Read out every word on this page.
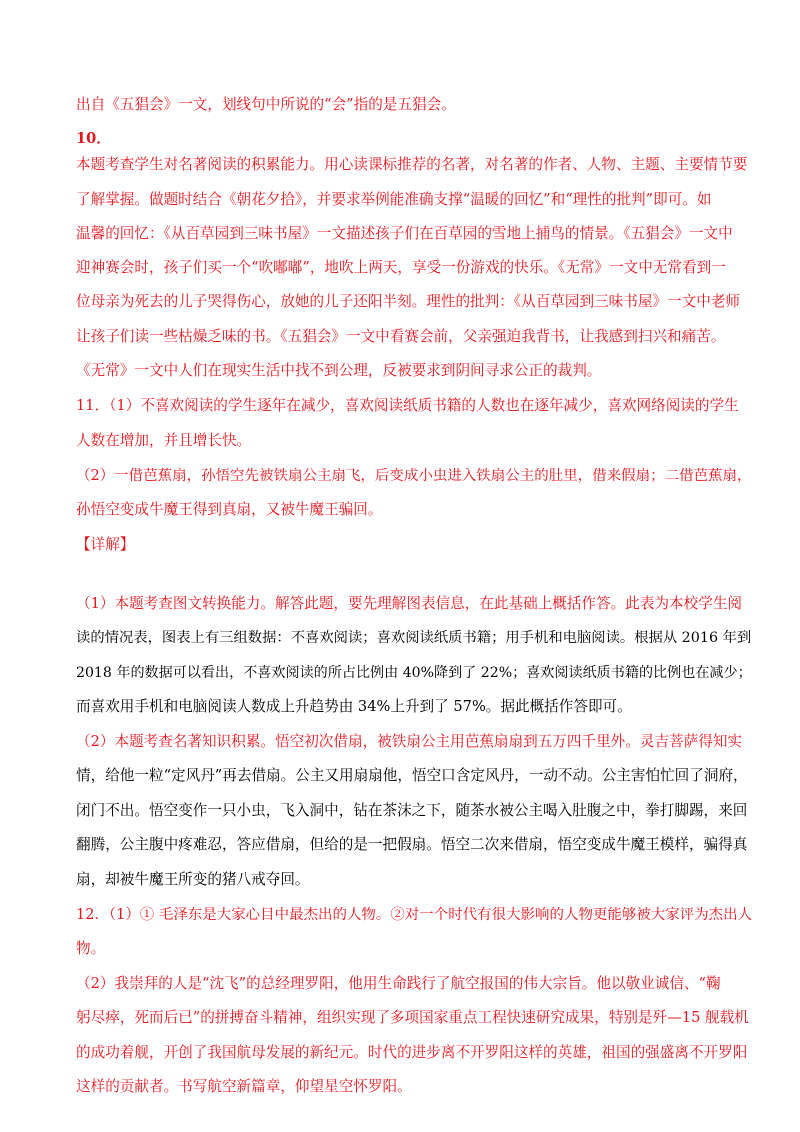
出自《五猖会》一文，划线句中所说的“会”指的是五猖会。
10．
本题考查学生对名著阅读的积累能力。用心读课标推荐的名著，对名著的作者、人物、主题、主要情节要
了解掌握。做题时结合《朝花夕拾》，并要求举例能准确支撑“温暖的回忆”和“理性的批判”即可。如
温馨的回忆：《从百草园到三味书屋》一文描述孩子们在百草园的雪地上捕鸟的情景。《五猖会》一文中
迎神赛会时，孩子们买一个“吹嘟嘟”，地吹上两天，享受一份游戏的快乐。《无常》一文中无常看到一
位母亲为死去的儿子哭得伤心，放她的儿子还阳半刻。理性的批判：《从百草园到三味书屋》一文中老师
让孩子们读一些枯燥乏味的书。《五猖会》一文中看赛会前，父亲强迫我背书，让我感到扫兴和痛苦。
《无常》一文中人们在现实生活中找不到公理，反被要求到阴间寻求公正的裁判。
11．（1）不喜欢阅读的学生逐年在减少，喜欢阅读纸质书籍的人数也在逐年减少，喜欢网络阅读的学生
人数在增加，并且增长快。
（2）一借芭蕉扇，孙悟空先被铁扇公主扇飞，后变成小虫进入铁扇公主的肚里，借来假扇；二借芭蕉扇，
孙悟空变成牛魔王得到真扇，又被牛魔王骗回。
【详解】
（1）本题考查图文转换能力。解答此题，要先理解图表信息，在此基础上概括作答。此表为本校学生阅
读的情况表，图表上有三组数据：不喜欢阅读；喜欢阅读纸质书籍；用手机和电脑阅读。根据从 2016 年到
2018 年的数据可以看出，不喜欢阅读的所占比例由 40%降到了 22%；喜欢阅读纸质书籍的比例也在减少；
而喜欢用手机和电脑阅读人数成上升趋势由 34%上升到了 57%。据此概括作答即可。
（2）本题考查名著知识积累。悟空初次借扇，被铁扇公主用芭蕉扇扇到五万四千里外。灵吉菩萨得知实
情，给他一粒“定风丹”再去借扇。公主又用扇扇他，悟空口含定风丹，一动不动。公主害怕忙回了洞府，
闭门不出。悟空变作一只小虫，飞入洞中，钻在茶沫之下，随茶水被公主喝入肚腹之中，拳打脚踢，来回
翻腾，公主腹中疼难忍，答应借扇，但给的是一把假扇。悟空二次来借扇，悟空变成牛魔王模样，骗得真
扇，却被牛魔王所变的猪八戒夺回。
12．（1）① 毛泽东是大家心目中最杰出的人物。②对一个时代有很大影响的人物更能够被大家评为杰出人
物。
（2）我崇拜的人是“沈飞”的总经理罗阳，他用生命践行了航空报国的伟大宗旨。他以敬业诚信、“鞠
躬尽瘁，死而后已”的拼搏奋斗精神，组织实现了多项国家重点工程快速研究成果，特别是歼—15 舰载机
的成功着舰，开创了我国航母发展的新纪元。时代的进步离不开罗阳这样的英雄，祖国的强盛离不开罗阳
这样的贡献者。书写航空新篇章，仰望星空怀罗阳。
